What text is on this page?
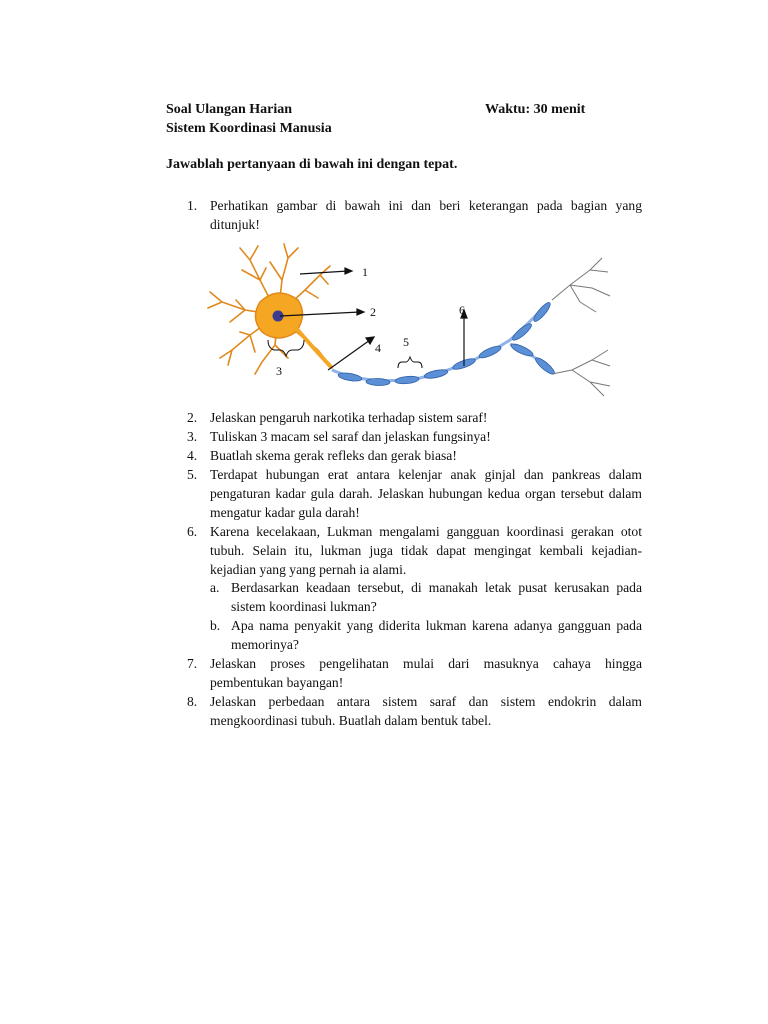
Soal Ulangan Harian
Sistem Koordinasi Manusia
Waktu: 30 menit
Jawablah pertanyaan di bawah ini dengan tepat.
1. Perhatikan gambar di bawah ini dan beri keterangan pada bagian yang ditunjuk!
1
2
3
4 5
6
2. Jelaskan pengaruh narkotika terhadap sistem saraf!
3. Tuliskan 3 macam sel saraf dan jelaskan fungsinya!
4. Buatlah skema gerak refleks dan gerak biasa!
5. Terdapat hubungan erat antara kelenjar anak ginjal dan pankreas dalam pengaturan kadar gula darah. Jelaskan hubungan kedua organ tersebut dalam mengatur kadar gula darah!
6. Karena kecelakaan, Lukman mengalami gangguan koordinasi gerakan otot tubuh. Selain itu, lukman juga tidak dapat mengingat kembali kejadian-kejadian yang yang pernah ia alami.
a. Berdasarkan keadaan tersebut, di manakah letak pusat kerusakan pada sistem koordinasi lukman?
b. Apa nama penyakit yang diderita lukman karena adanya gangguan pada memorinya?
7. Jelaskan proses pengelihatan mulai dari masuknya cahaya hingga pembentukan bayangan!
8. Jelaskan perbedaan antara sistem saraf dan sistem endokrin dalam mengkoordinasi tubuh. Buatlah dalam bentuk tabel.
